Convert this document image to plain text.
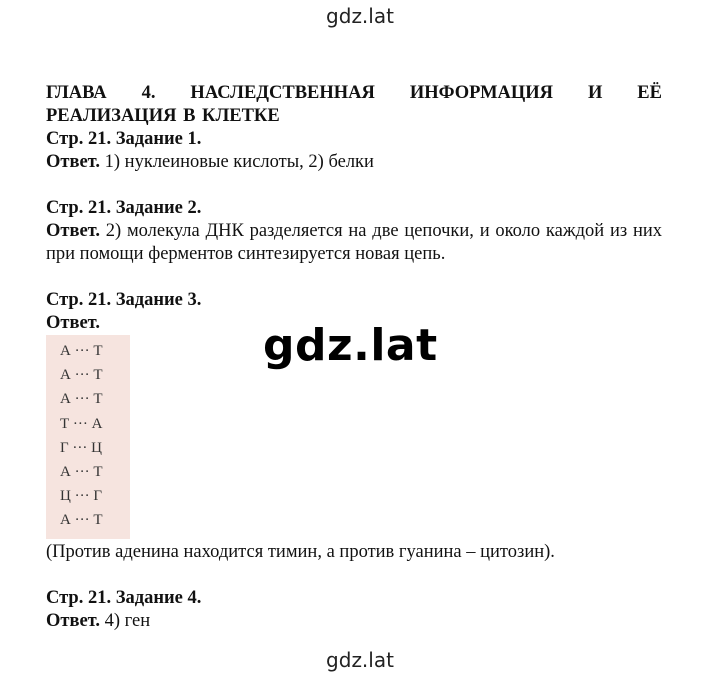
gdz.lat
gdz.lat
ГЛАВА 4. НАСЛЕДСТВЕННАЯ ИНФОРМАЦИЯ И ЕЁ
РЕАЛИЗАЦИЯ В КЛЕТКЕ
Стр. 21. Задание 1.
Ответ. 1) нуклеиновые кислоты, 2) белки
Стр. 21. Задание 2.
Ответ. 2) молекула ДНК разделяется на две цепочки, и около каждой из них при помощи ферментов синтезируется новая цепь.
Стр. 21. Задание 3.
Ответ.
А ··· Т
А ··· Т
А ··· Т
Т ··· А
Г ··· Ц
А ··· Т
Ц ··· Г
А ··· Т
(Против аденина находится тимин, а против гуанина – цитозин).
Стр. 21. Задание 4.
Ответ. 4) ген
gdz.lat
